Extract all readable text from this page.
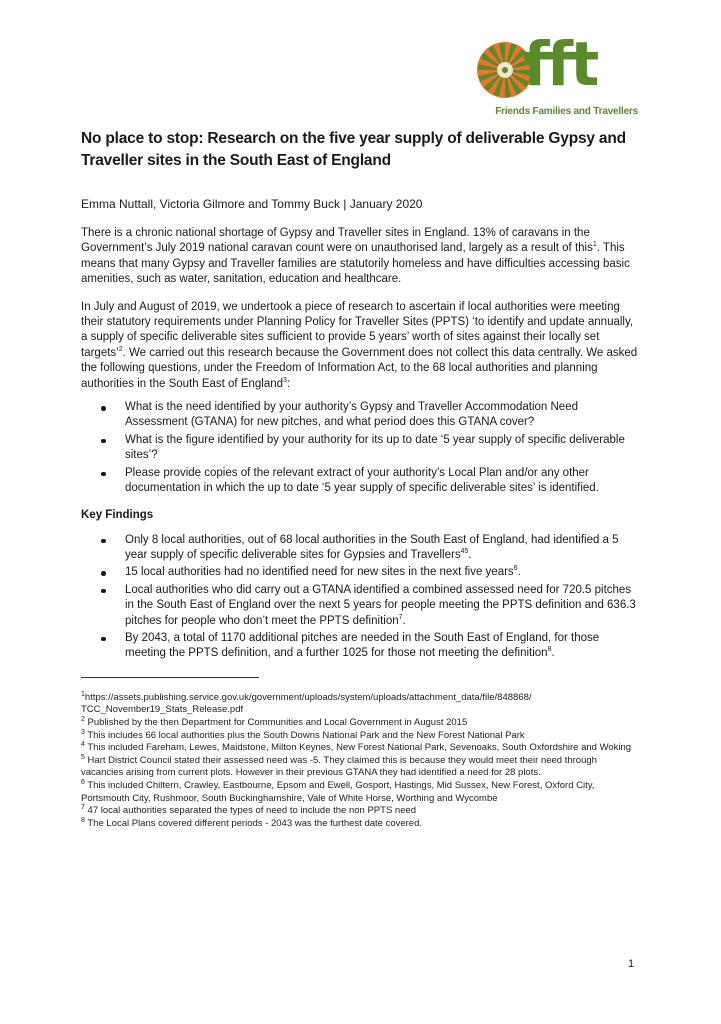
fft
Friends Families and Travellers
No place to stop: Research on the five year supply of deliverable Gypsy and Traveller sites in the South East of England
Emma Nuttall, Victoria Gilmore and Tommy Buck | January 2020

There is a chronic national shortage of Gypsy and Traveller sites in England. 13% of caravans in the Government’s July 2019 national caravan count were on unauthorised land, largely as a result of this$^1$. This means that many Gypsy and Traveller families are statutorily homeless and have difficulties accessing basic amenities, such as water, sanitation, education and healthcare.

In July and August of 2019, we undertook a piece of research to ascertain if local authorities were meeting their statutory requirements under Planning Policy for Traveller Sites (PPTS) ‘to identify and update annually, a supply of specific deliverable sites sufficient to provide 5 years’ worth of sites against their locally set targets’$^2$. We carried out this research because the Government does not collect this data centrally. We asked the following questions, under the Freedom of Information Act, to the 68 local authorities and planning authorities in the South East of England$^3$:

What is the need identified by your authority’s Gypsy and Traveller Accommodation Need Assessment (GTANA) for new pitches, and what period does this GTANA cover?
What is the figure identified by your authority for its up to date ‘5 year supply of specific deliverable sites’?
Please provide copies of the relevant extract of your authority’s Local Plan and/or any other documentation in which the up to date ‘5 year supply of specific deliverable sites’ is identified.
Key Findings
Only 8 local authorities, out of 68 local authorities in the South East of England, had identified a 5 year supply of specific deliverable sites for Gypsies and Travellers$^{45}$.
15 local authorities had no identified need for new sites in the next five years$^6$.
Local authorities who did carry out a GTANA identified a combined assessed need for 720.5 pitches in the South East of England over the next 5 years for people meeting the PPTS definition and 636.3 pitches for people who don’t meet the PPTS definition$^7$.
By 2043, a total of 1170 additional pitches are needed in the South East of England, for those meeting the PPTS definition, and a further 1025 for those not meeting the definition$^8$.
$^1$https://assets.publishing.service.gov.uk/government/uploads/system/uploads/attachment_data/file/848868/ TCC_November19_Stats_Release.pdf
$^2$ Published by the then Department for Communities and Local Government in August 2015
$^3$ This includes 66 local authorities plus the South Downs National Park and the New Forest National Park
$^4$ This included Fareham, Lewes, Maidstone, Milton Keynes, New Forest National Park, Sevenoaks, South Oxfordshire and Woking
$^5$ Hart District Council stated their assessed need was -5. They claimed this is because they would meet their need through vacancies arising from current plots. However in their previous GTANA they had identified a need for 28 plots.
$^6$ This included Chiltern, Crawley, Eastbourne, Epsom and Ewell, Gosport, Hastings, Mid Sussex, New Forest, Oxford City, Portsmouth City, Rushmoor, South Buckinghamshire, Vale of White Horse, Worthing and Wycombe
$^7$ 47 local authorities separated the types of need to include the non PPTS need
$^8$ The Local Plans covered different periods - 2043 was the furthest date covered.
1
